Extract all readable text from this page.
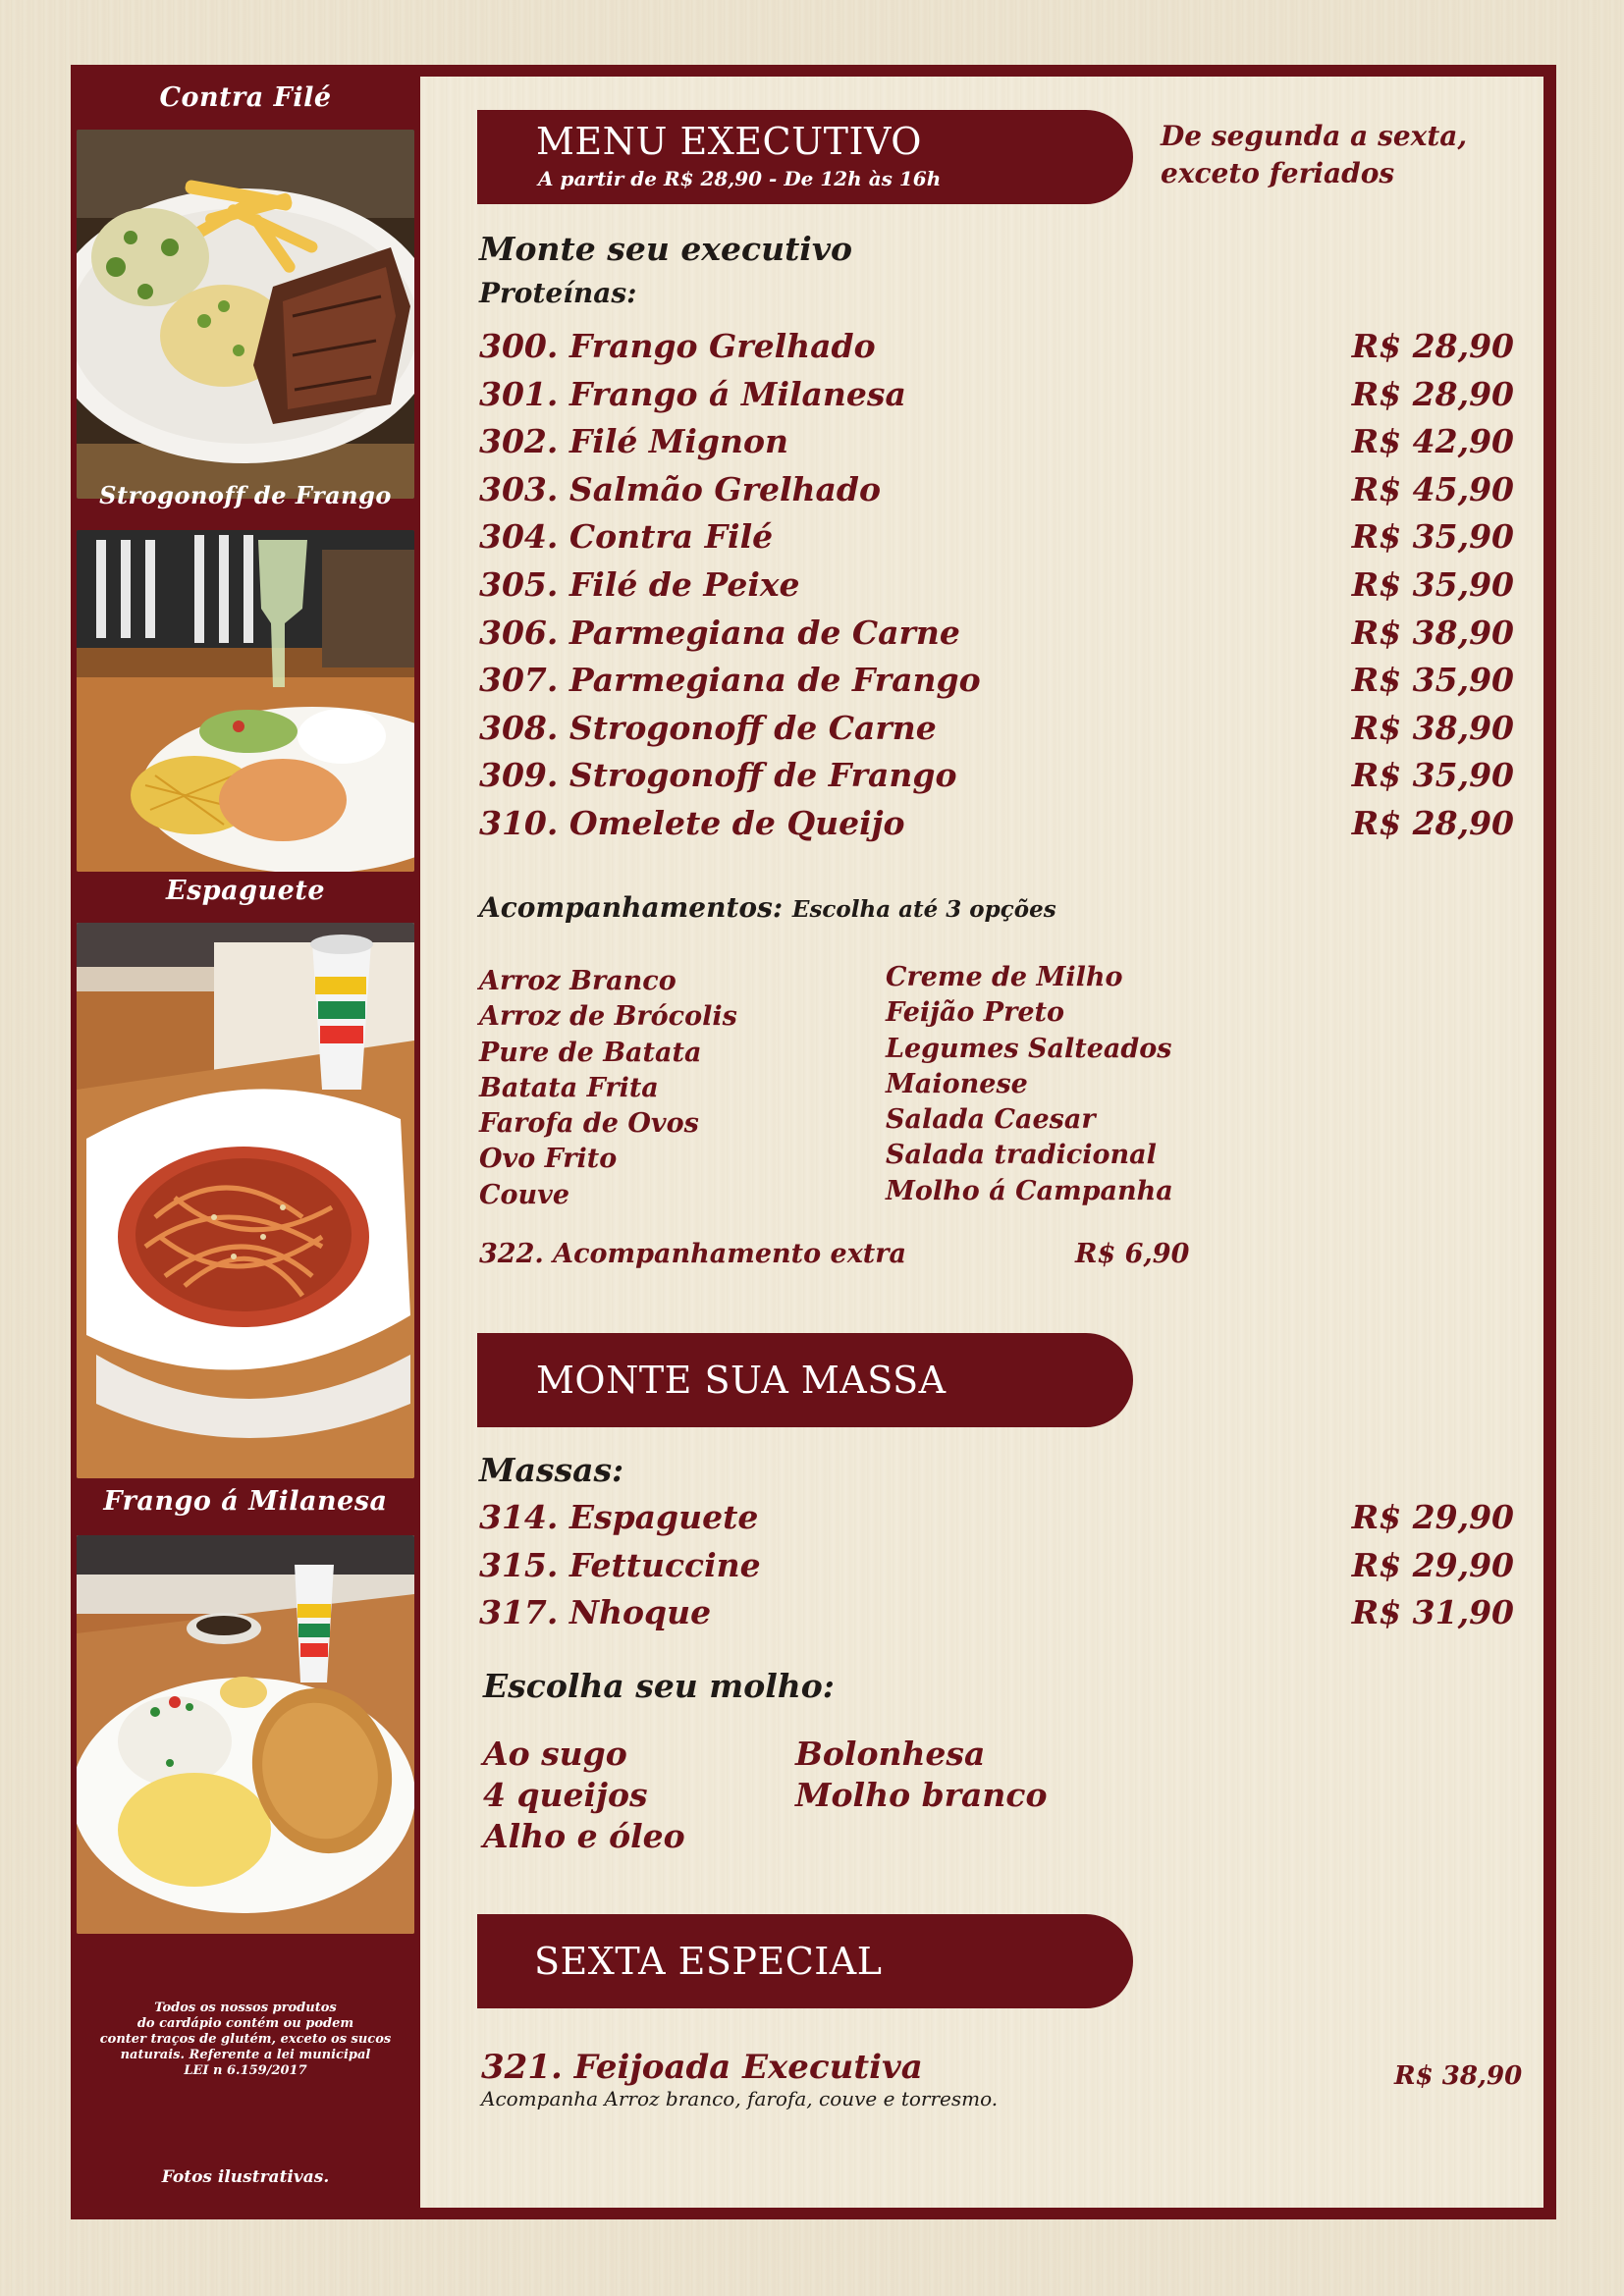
Contra Filé
Strogonoff de Frango
Espaguete
Frango á Milanesa
Todos os nossos produtos
do cardápio contém ou podem
conter traços de glutém, exceto os sucos
naturais. Referente a lei municipal
LEI n 6.159/2017
Fotos ilustrativas.
MENU EXECUTIVO
A partir de R$ 28,90 - De 12h às 16h
De segunda a sexta,
exceto feriados
Monte seu executivo
Proteínas:
300. Frango Grelhado	R$ 28,90
301. Frango á Milanesa	R$ 28,90
302. Filé Mignon	R$ 42,90
303. Salmão Grelhado	R$ 45,90
304. Contra Filé	R$ 35,90
305. Filé de Peixe	R$ 35,90
306. Parmegiana de Carne	R$ 38,90
307. Parmegiana de Frango	R$ 35,90
308. Strogonoff de Carne	R$ 38,90
309. Strogonoff de Frango	R$ 35,90
310. Omelete de Queijo	R$ 28,90
Acompanhamentos: Escolha até 3 opções
Arroz Branco
Arroz de Brócolis
Pure de Batata
Batata Frita
Farofa de Ovos
Ovo Frito
Couve
Creme de Milho
Feijão Preto
Legumes Salteados
Maionese
Salada Caesar
Salada tradicional
Molho á Campanha
322. Acompanhamento extra	R$ 6,90
MONTE SUA MASSA
Massas:
314. Espaguete	R$ 29,90
315. Fettuccine	R$ 29,90
317. Nhoque	R$ 31,90
Escolha seu molho:
Ao sugo
4 queijos
Alho e óleo
Bolonhesa
Molho branco
SEXTA ESPECIAL
321. Feijoada Executiva
Acompanha Arroz branco, farofa, couve e torresmo.
R$ 38,90
